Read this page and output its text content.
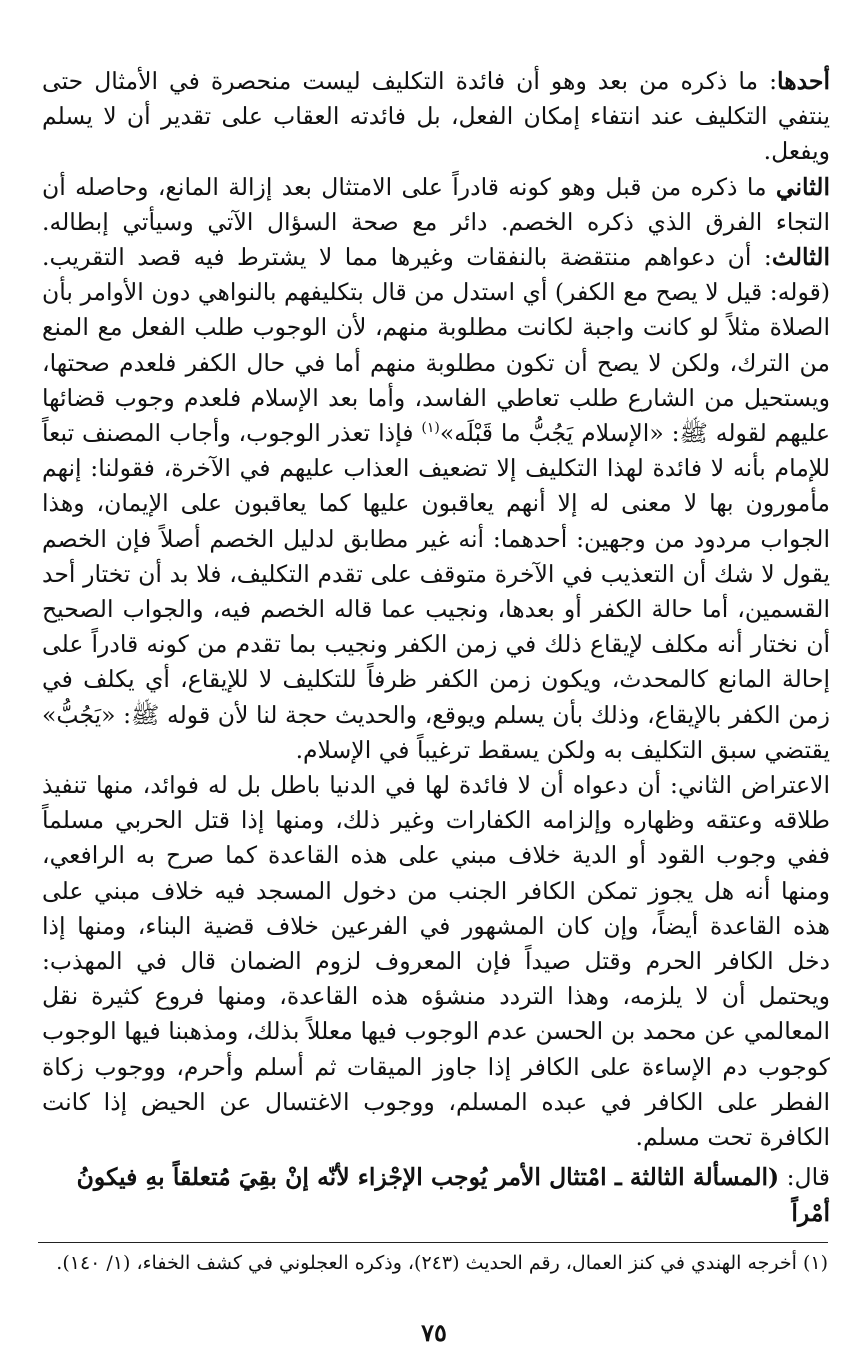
أحدها: ما ذكره من بعد وهو أن فائدة التكليف ليست منحصرة في الأمثال حتى ينتفي التكليف عند انتفاء إمكان الفعل، بل فائدته العقاب على تقدير أن لا يسلم ويفعل.

الثاني ما ذكره من قبل وهو كونه قادراً على الامتثال بعد إزالة المانع، وحاصله أن التجاء الفرق الذي ذكره الخصم. دائر مع صحة السؤال الآتي وسيأتي إبطاله. الثالث: أن دعواهم منتقضة بالنفقات وغيرها مما لا يشترط فيه قصد التقريب. (قوله: قيل لا يصح مع الكفر) أي استدل من قال بتكليفهم بالنواهي دون الأوامر بأن الصلاة مثلاً لو كانت واجبة لكانت مطلوبة منهم، لأن الوجوب طلب الفعل مع المنع من الترك، ولكن لا يصح أن تكون مطلوبة منهم أما في حال الكفر فلعدم صحتها، ويستحيل من الشارع طلب تعاطي الفاسد، وأما بعد الإسلام فلعدم وجوب قضائها عليهم لقوله ﷺ: «الإسلام يَجُبُّ ما قَبْلَه»$^{(١)}$ فإذا تعذر الوجوب، وأجاب المصنف تبعاً للإمام بأنه لا فائدة لهذا التكليف إلا تضعيف العذاب عليهم في الآخرة، فقولنا: إنهم مأمورون بها لا معنى له إلا أنهم يعاقبون عليها كما يعاقبون على الإيمان، وهذا الجواب مردود من وجهين: أحدهما: أنه غير مطابق لدليل الخصم أصلاً فإن الخصم يقول لا شك أن التعذيب في الآخرة متوقف على تقدم التكليف، فلا بد أن تختار أحد القسمين، أما حالة الكفر أو بعدها، ونجيب عما قاله الخصم فيه، والجواب الصحيح أن نختار أنه مكلف لإيقاع ذلك في زمن الكفر ونجيب بما تقدم من كونه قادراً على إحالة المانع كالمحدث، ويكون زمن الكفر ظرفاً للتكليف لا للإيقاع، أي يكلف في زمن الكفر بالإيقاع، وذلك بأن يسلم ويوقع، والحديث حجة لنا لأن قوله ﷺ: «يَجُبُّ» يقتضي سبق التكليف به ولكن يسقط ترغيباً في الإسلام.

الاعتراض الثاني: أن دعواه أن لا فائدة لها في الدنيا باطل بل له فوائد، منها تنفيذ طلاقه وعتقه وظهاره وإلزامه الكفارات وغير ذلك، ومنها إذا قتل الحربي مسلماً ففي وجوب القود أو الدية خلاف مبني على هذه القاعدة كما صرح به الرافعي، ومنها أنه هل يجوز تمكن الكافر الجنب من دخول المسجد فيه خلاف مبني على هذه القاعدة أيضاً، وإن كان المشهور في الفرعين خلاف قضية البناء، ومنها إذا دخل الكافر الحرم وقتل صيداً فإن المعروف لزوم الضمان قال في المهذب: ويحتمل أن لا يلزمه، وهذا التردد منشؤه هذه القاعدة، ومنها فروع كثيرة نقل المعالمي عن محمد بن الحسن عدم الوجوب فيها معللاً بذلك، ومذهبنا فيها الوجوب كوجوب دم الإساءة على الكافر إذا جاوز الميقات ثم أسلم وأحرم، ووجوب زكاة الفطر على الكافر في عبده المسلم، ووجوب الاغتسال عن الحيض إذا كانت الكافرة تحت مسلم.

قال: (المسألة الثالثة ـ امْتثال الأمر يُوجب الإجْزاء لأنّه إنْ بقِيَ مُتعلقاً بهِ فيكونُ أمْراً
(١) أخرجه الهندي في كنز العمال، رقم الحديث (٢٤٣)، وذكره العجلوني في كشف الخفاء، (١/ ١٤٠).
٧٥
